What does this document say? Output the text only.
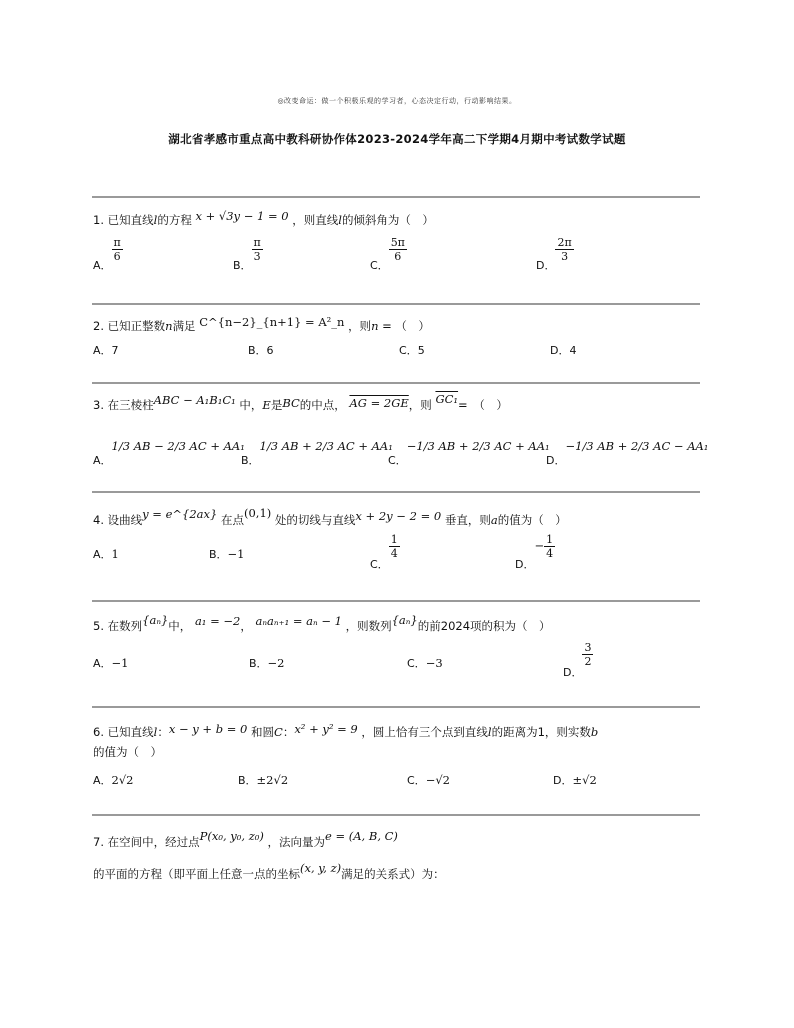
◎改变命运：做一个积极乐观的学习者，心态决定行动，行动影响结果。
湖北省孝感市重点高中教科研协作体2023-2024学年高二下学期4月期中考试数学试题
1. 已知直线l的方程 x + √3y − 1 = 0 ，则直线l的倾斜角为（　）
A．
$\frac{\pi}{6}$
B．
$\frac{\pi}{3}$
C．
$\frac{5\pi}{6}$
D．
$\frac{2\pi}{3}$
2. 已知正整数n满足 C^{n−2}_{n+1} = A²_n ，则n = （　）
A．7	B．6	C．5	D．4
3. 在三棱柱ABC − A₁B₁C₁ 中，E是BC的中点， AG = 2GE，则 GC₁=　（　）
A．1/3 AB − 2/3 AC + AA₁
B．1/3 AB + 2/3 AC + AA₁
C．−1/3 AB + 2/3 AC + AA₁
D．−1/3 AB + 2/3 AC − AA₁
4. 设曲线y = e^{2ax} 在点(0,1) 处的切线与直线x + 2y − 2 = 0 垂直，则a的值为（　）
A．1	B．−1
C．
$\frac{1}{4}$
D．− $\frac{1}{4}$
5. 在数列{aₙ}中， a₁ = −2， aₙaₙ₊₁ = aₙ − 1 ，则数列{aₙ}的前2024项的积为（　）
A．−1	B．−2	C．−3
D．
$\frac{3}{2}$
6. 已知直线l：x − y + b = 0 和圆C：x² + y² = 9 ，圆上恰有三个点到直线l的距离为1，则实数b
的值为（　）
A．2√2	B．±2√2	C．−√2	D．±√2
7. 在空间中，经过点P(x₀, y₀, z₀) ，法向量为e = (A, B, C)
的平面的方程（即平面上任意一点的坐标(x, y, z)满足的关系式）为：
